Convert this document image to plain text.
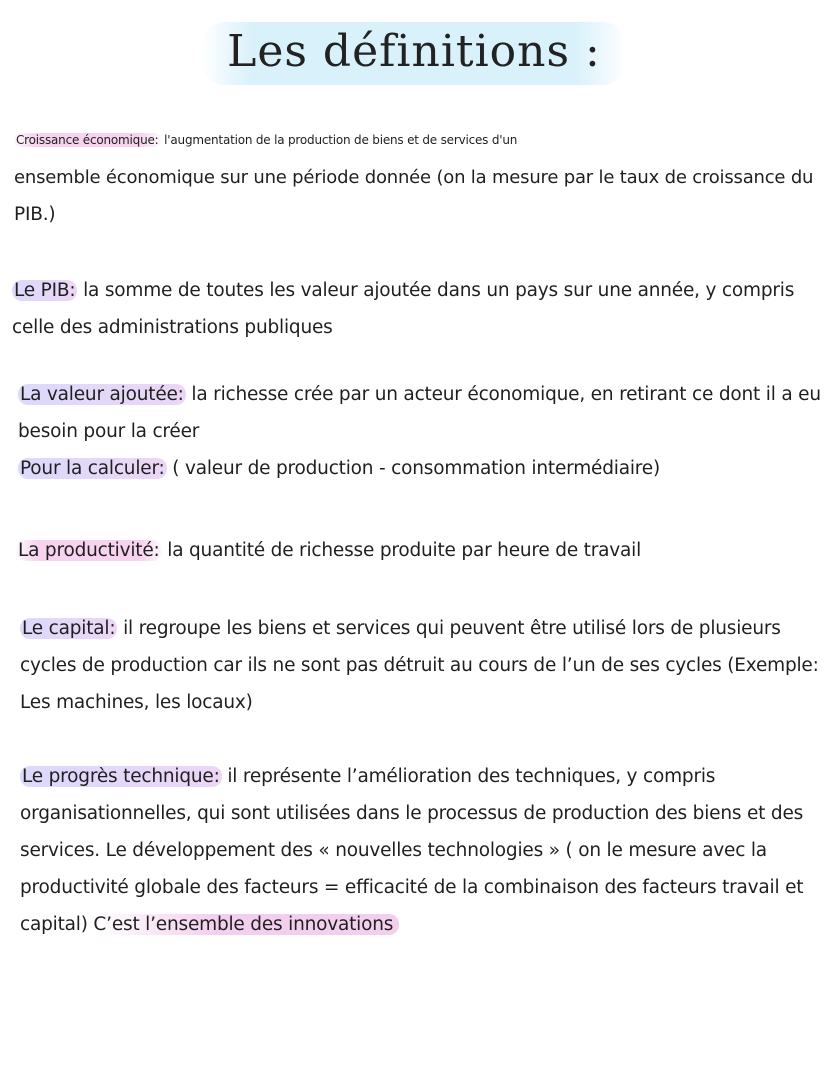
Les définitions :
Croissance économique: l'augmentation de la production de biens et de services d'un
ensemble économique sur une période donnée (on la mesure par le taux de croissance du
PIB.)
Le PIB: la somme de toutes les valeur ajoutée dans un pays sur une année, y compris
celle des administrations publiques
La valeur ajoutée: la richesse crée par un acteur économique, en retirant ce dont il a eu
besoin pour la créer
Pour la calculer: ( valeur de production - consommation intermédiaire)
La productivité: la quantité de richesse produite par heure de travail
Le capital: il regroupe les biens et services qui peuvent être utilisé lors de plusieurs
cycles de production car ils ne sont pas détruit au cours de l’un de ses cycles (Exemple:
Les machines, les locaux)
Le progrès technique: il représente l’amélioration des techniques, y compris
organisationnelles, qui sont utilisées dans le processus de production des biens et des
services. Le développement des « nouvelles technologies » ( on le mesure avec la
productivité globale des facteurs = efficacité de la combinaison des facteurs travail et
capital) C’est l’ensemble des innovations
